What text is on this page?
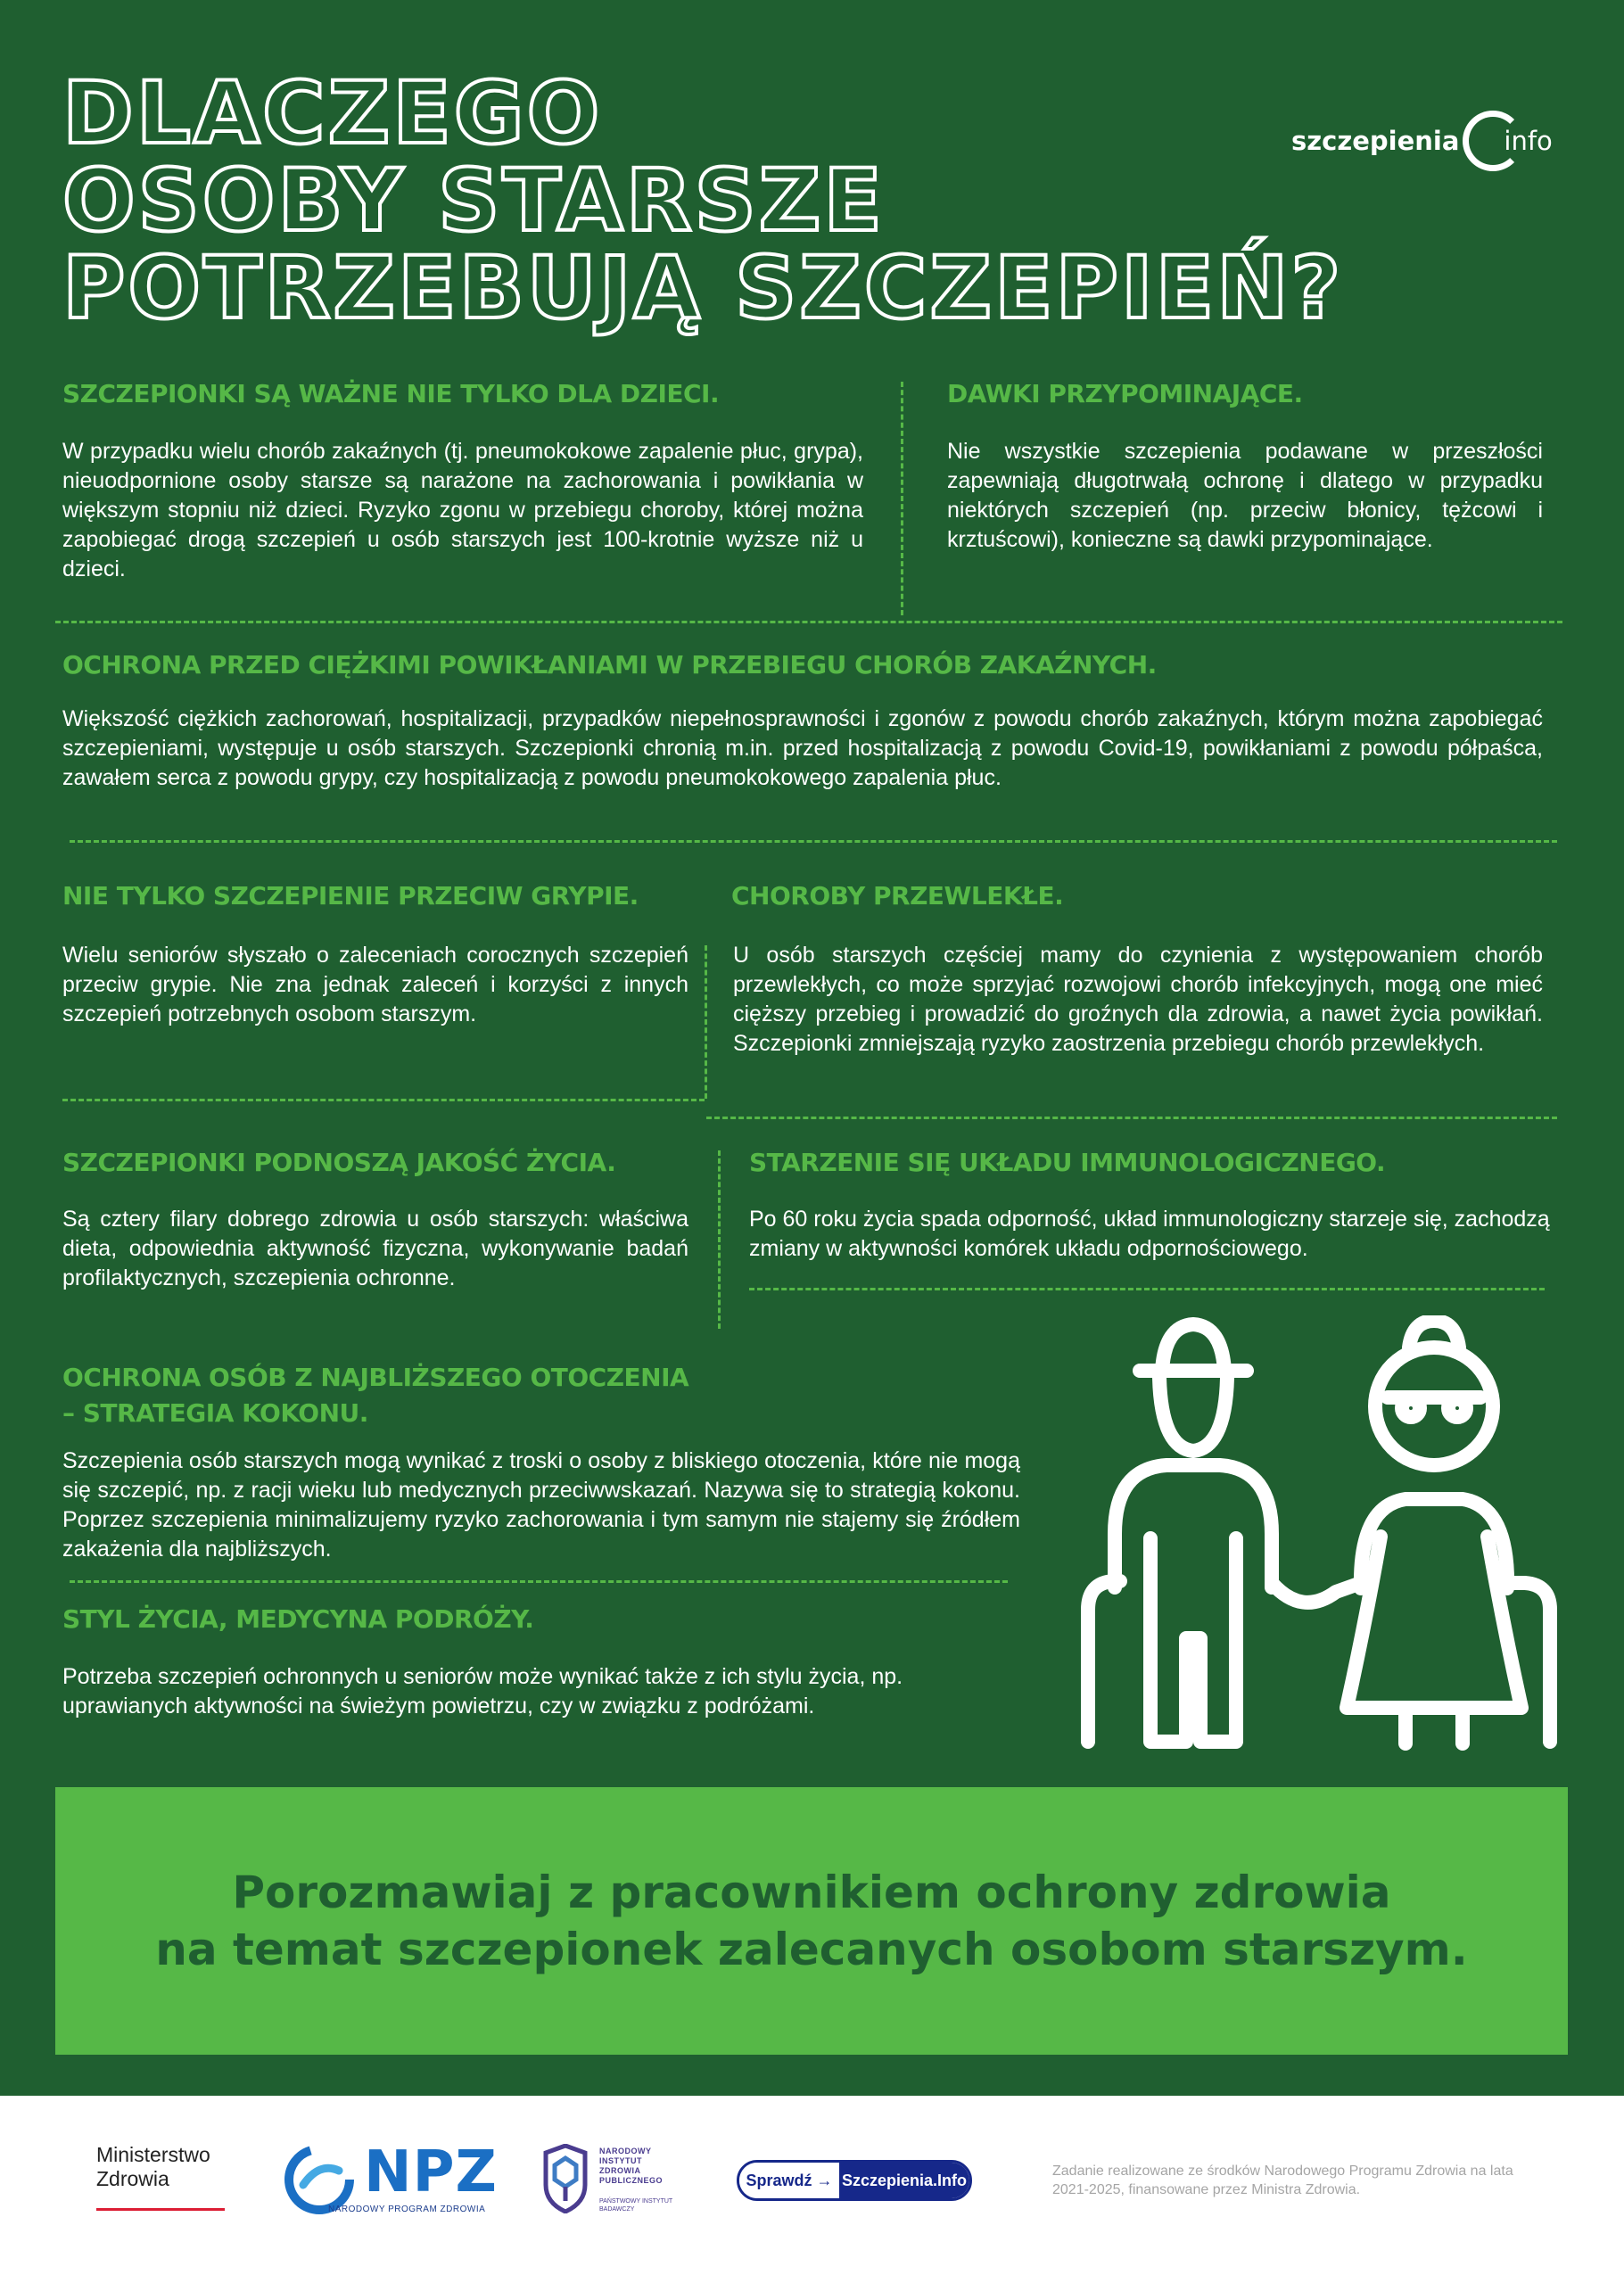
DLACZEGO
OSOBY STARSZE
POTRZEBUJĄ SZCZEPIEŃ?
szczepienia info
SZCZEPIONKI SĄ WAŻNE NIE TYLKO DLA DZIECI.

W przypadku wielu chorób zakaźnych (tj. pneumokokowe zapalenie płuc, grypa), nieuodpornione osoby starsze są narażone na zachorowania i powikłania w większym stopniu niż dzieci. Ryzyko zgonu w przebiegu choroby, której można zapobiegać drogą szczepień u osób starszych jest 100-krotnie wyższe niż u dzieci.

DAWKI PRZYPOMINAJĄCE.

Nie wszystkie szczepienia podawane w przeszłości zapewniają długotrwałą ochronę i dlatego w przypadku niektórych szczepień (np. przeciw błonicy, tężcowi i krztuścowi), konieczne są dawki przypominające.

OCHRONA PRZED CIĘŻKIMI POWIKŁANIAMI W PRZEBIEGU CHORÓB ZAKAŹNYCH.

Większość ciężkich zachorowań, hospitalizacji, przypadków niepełnosprawności i zgonów z powodu chorób zakaźnych, którym można zapobiegać szczepieniami, występuje u osób starszych. Szczepionki chronią m.in. przed hospitalizacją z powodu Covid-19, powikłaniami z powodu półpaśca, zawałem serca z powodu grypy, czy hospitalizacją z powodu pneumokokowego zapalenia płuc.

NIE TYLKO SZCZEPIENIE PRZECIW GRYPIE.

Wielu seniorów słyszało o zaleceniach corocznych szczepień przeciw grypie. Nie zna jednak zaleceń i korzyści z innych szczepień potrzebnych osobom starszym.

CHOROBY PRZEWLEKŁE.

U osób starszych częściej mamy do czynienia z występowaniem chorób przewlekłych, co może sprzyjać rozwojowi chorób infekcyjnych, mogą one mieć cięższy przebieg i prowadzić do groźnych dla zdrowia, a nawet życia powikłań. Szczepionki zmniejszają ryzyko zaostrzenia przebiegu chorób przewlekłych.

SZCZEPIONKI PODNOSZĄ JAKOŚĆ ŻYCIA.

Są cztery filary dobrego zdrowia u osób starszych: właściwa dieta, odpowiednia aktywność fizyczna, wykonywanie badań profilaktycznych, szczepienia ochronne.

STARZENIE SIĘ UKŁADU IMMUNOLOGICZNEGO.

Po 60 roku życia spada odporność, układ immunologiczny starzeje się, zachodzą zmiany w aktywności komórek układu odpornościowego.

OCHRONA OSÓB Z NAJBLIŻSZEGO OTOCZENIA
– STRATEGIA KOKONU.

Szczepienia osób starszych mogą wynikać z troski o osoby z bliskiego otoczenia, które nie mogą się szczepić, np. z racji wieku lub medycznych przeciwwskazań. Nazywa się to strategią kokonu. Poprzez szczepienia minimalizujemy ryzyko zachorowania i tym samym nie stajemy się źródłem zakażenia dla najbliższych.

STYL ŻYCIA, MEDYCYNA PODRÓŻY.

Potrzeba szczepień ochronnych u seniorów może wynikać także z ich stylu życia, np. uprawianych aktywności na świeżym powietrzu, czy w związku z podróżami.

Porozmawiaj z pracownikiem ochrony zdrowia
na temat szczepionek zalecanych osobom starszym.

Ministerstwo
Zdrowia	NPZ
NARODOWY PROGRAM ZDROWIA
NARODOWY
INSTYTUT
ZDROWIA
PUBLICZNEGO
PAŃSTWOWY INSTYTUT
BADAWCZY
Sprawdź → Szczepienia.Info	Zadanie realizowane ze środków Narodowego Programu Zdrowia na lata 2021-2025, finansowane przez Ministra Zdrowia.
